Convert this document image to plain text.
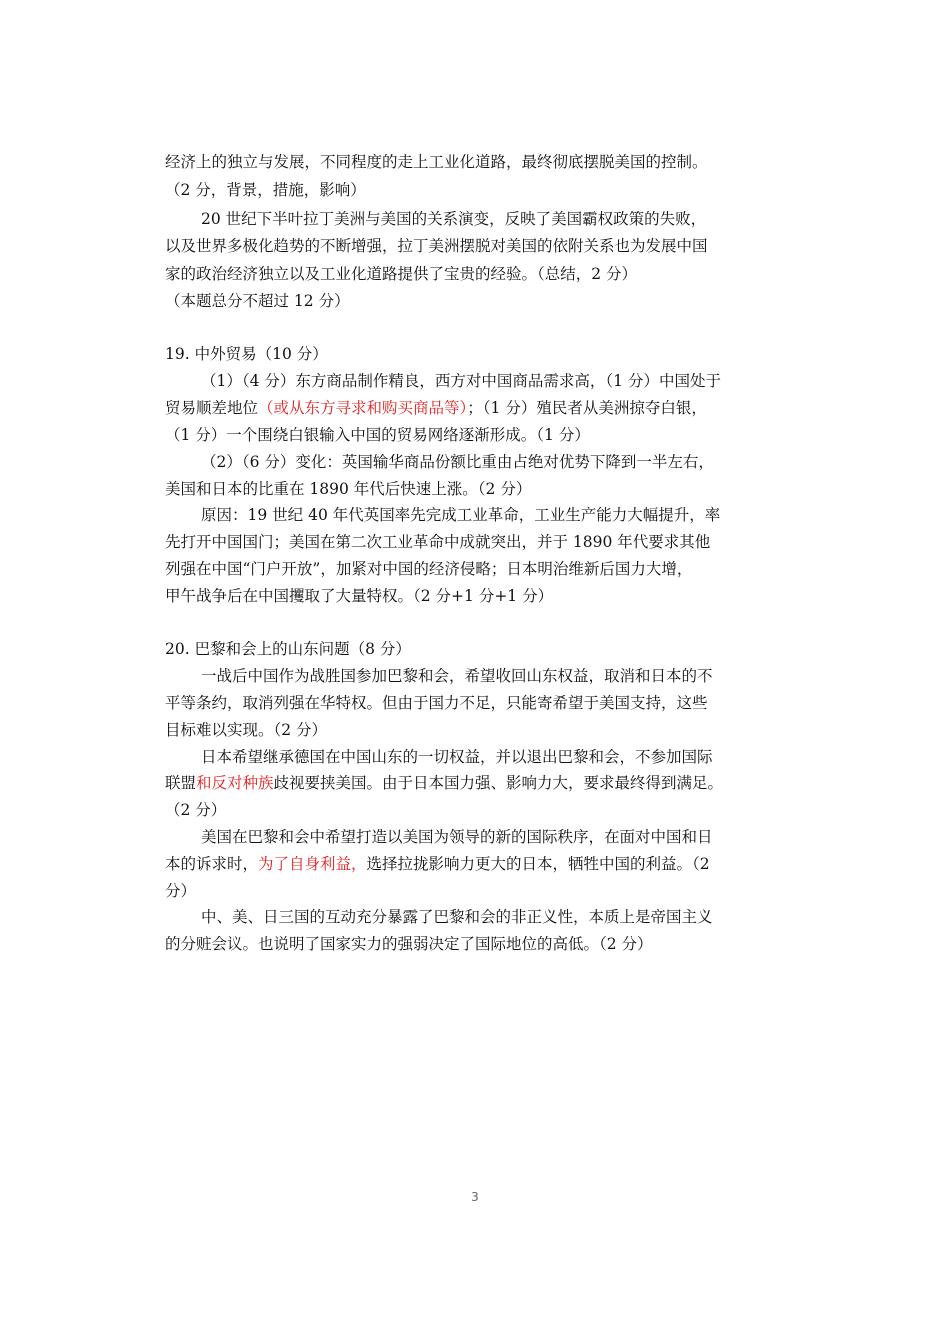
经济上的独立与发展，不同程度的走上工业化道路，最终彻底摆脱美国的控制。
（2 分，背景，措施，影响）
20 世纪下半叶拉丁美洲与美国的关系演变，反映了美国霸权政策的失败，
以及世界多极化趋势的不断增强，拉丁美洲摆脱对美国的依附关系也为发展中国
家的政治经济独立以及工业化道路提供了宝贵的经验。（总结，2 分）
（本题总分不超过 12 分）
19. 中外贸易（10 分）
（1）（4 分）东方商品制作精良，西方对中国商品需求高，（1 分）中国处于
贸易顺差地位（或从东方寻求和购买商品等）；（1 分）殖民者从美洲掠夺白银，
（1 分）一个围绕白银输入中国的贸易网络逐渐形成。（1 分）
（2）（6 分）变化：英国输华商品份额比重由占绝对优势下降到一半左右，
美国和日本的比重在 1890 年代后快速上涨。（2 分）
原因：19 世纪 40 年代英国率先完成工业革命，工业生产能力大幅提升，率
先打开中国国门；美国在第二次工业革命中成就突出，并于 1890 年代要求其他
列强在中国“门户开放”，加紧对中国的经济侵略；日本明治维新后国力大增，
甲午战争后在中国攫取了大量特权。（2 分+1 分+1 分）
20. 巴黎和会上的山东问题（8 分）
一战后中国作为战胜国参加巴黎和会，希望收回山东权益，取消和日本的不
平等条约，取消列强在华特权。但由于国力不足，只能寄希望于美国支持，这些
目标难以实现。（2 分）
日本希望继承德国在中国山东的一切权益，并以退出巴黎和会，不参加国际
联盟和反对种族歧视要挟美国。由于日本国力强、影响力大，要求最终得到满足。
（2 分）
美国在巴黎和会中希望打造以美国为领导的新的国际秩序，在面对中国和日
本的诉求时，为了自身利益，选择拉拢影响力更大的日本，牺牲中国的利益。（2
分）
中、美、日三国的互动充分暴露了巴黎和会的非正义性，本质上是帝国主义
的分赃会议。也说明了国家实力的强弱决定了国际地位的高低。（2 分）
3
